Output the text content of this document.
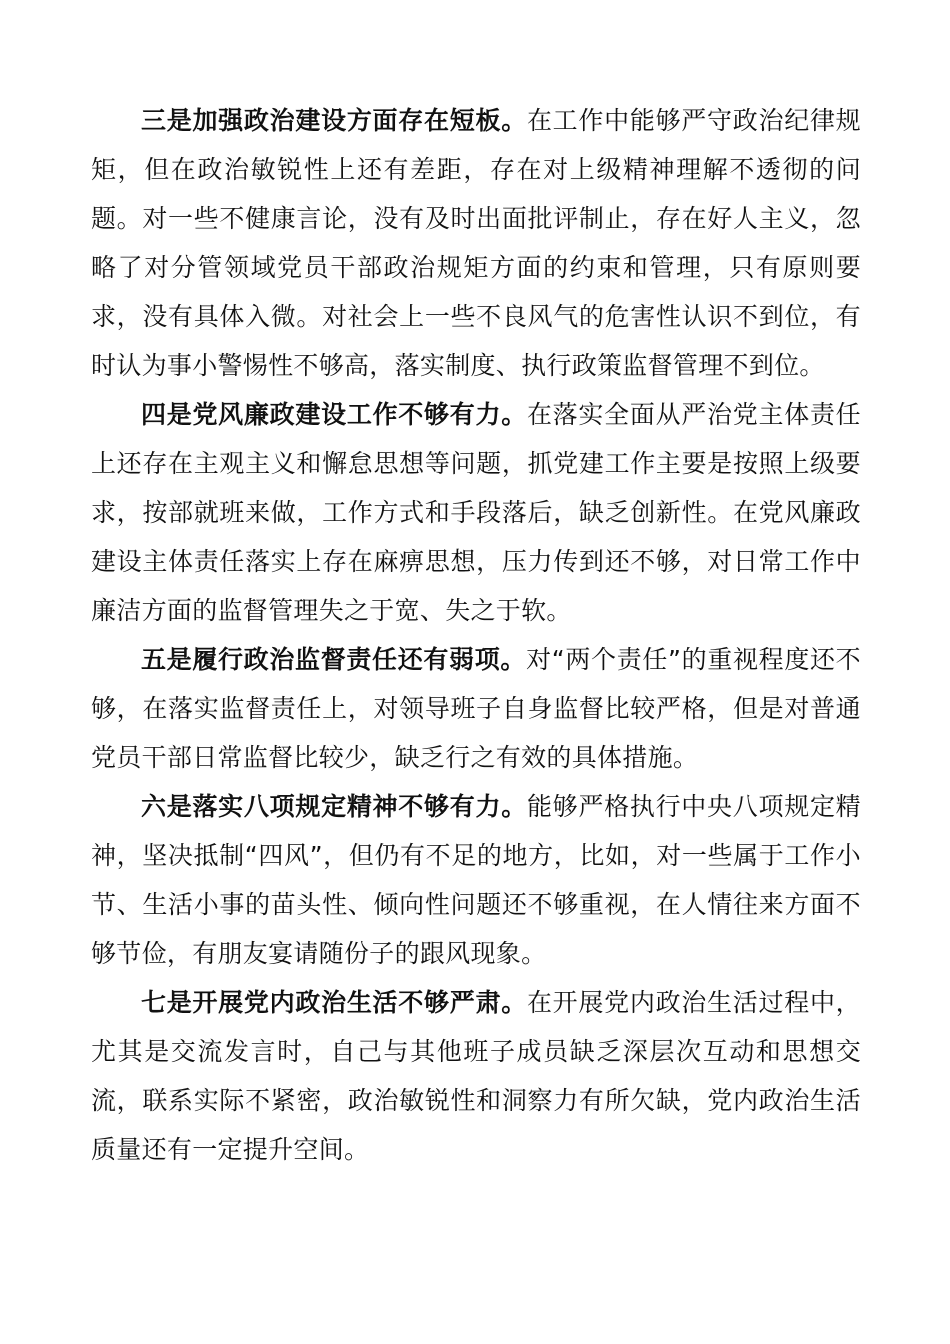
三是加强政治建设方面存在短板。在工作中能够严守政治纪律规矩，但在政治敏锐性上还有差距，存在对上级精神理解不透彻的问题。对一些不健康言论，没有及时出面批评制止，存在好人主义，忽略了对分管领域党员干部政治规矩方面的约束和管理，只有原则要求，没有具体入微。对社会上一些不良风气的危害性认识不到位，有时认为事小警惕性不够高，落实制度、执行政策监督管理不到位。

四是党风廉政建设工作不够有力。在落实全面从严治党主体责任上还存在主观主义和懈怠思想等问题，抓党建工作主要是按照上级要求，按部就班来做，工作方式和手段落后，缺乏创新性。在党风廉政建设主体责任落实上存在麻痹思想，压力传到还不够，对日常工作中廉洁方面的监督管理失之于宽、失之于软。

五是履行政治监督责任还有弱项。对“两个责任”的重视程度还不够，在落实监督责任上，对领导班子自身监督比较严格，但是对普通党员干部日常监督比较少，缺乏行之有效的具体措施。

六是落实八项规定精神不够有力。能够严格执行中央八项规定精神，坚决抵制“四风”，但仍有不足的地方，比如，对一些属于工作小节、生活小事的苗头性、倾向性问题还不够重视，在人情往来方面不够节俭，有朋友宴请随份子的跟风现象。

七是开展党内政治生活不够严肃。在开展党内政治生活过程中，尤其是交流发言时，自己与其他班子成员缺乏深层次互动和思想交流，联系实际不紧密，政治敏锐性和洞察力有所欠缺，党内政治生活质量还有一定提升空间。
